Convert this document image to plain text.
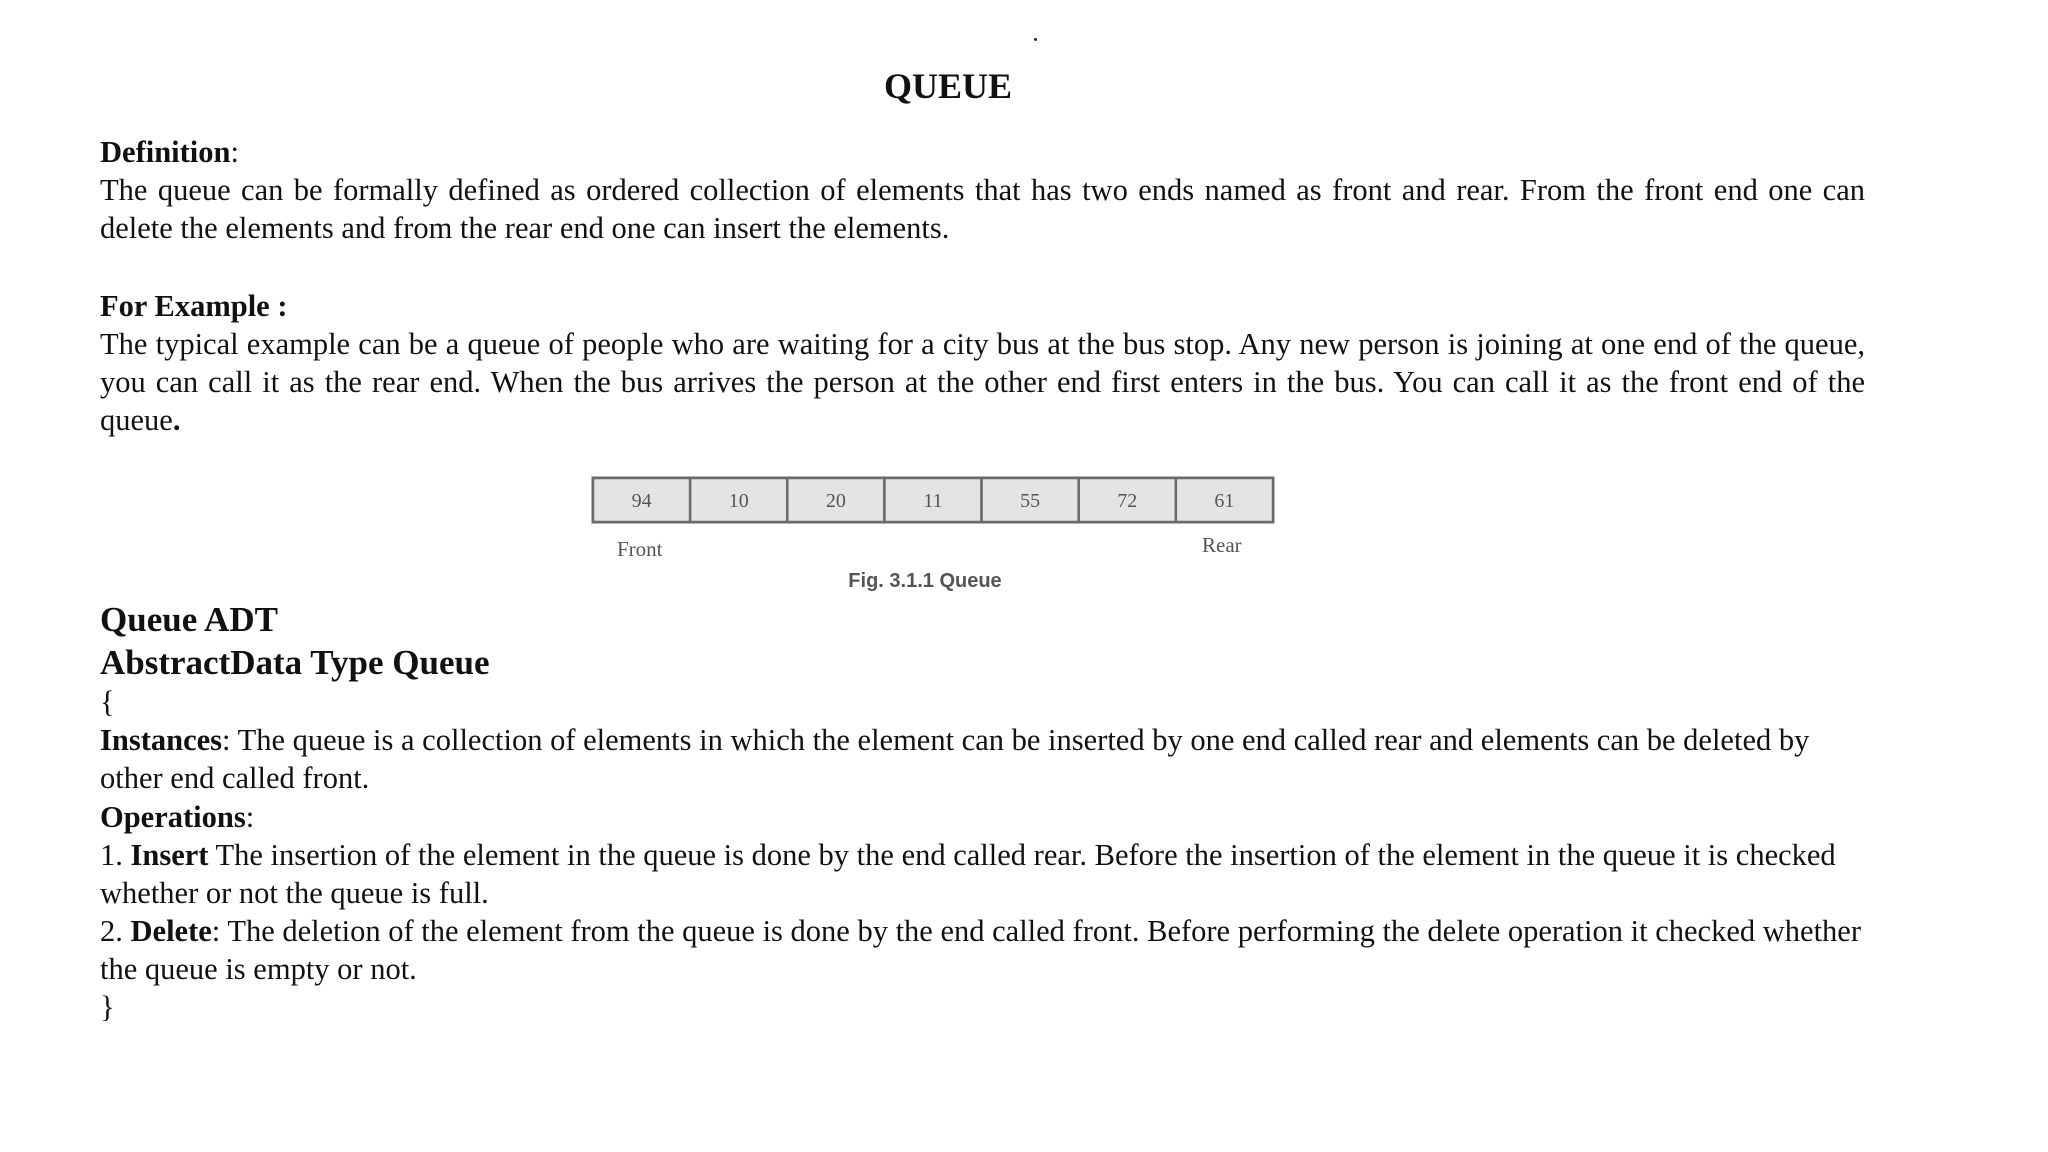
QUEUE
Definition:

The queue can be formally defined as ordered collection of elements that has two ends named as front and rear. From the front end one can delete the elements and from the rear end one can insert the elements.

For Example :

The typical example can be a queue of people who are waiting for a city bus at the bus stop. Any new person is joining at one end of the queue, you can call it as the rear end. When the bus arrives the person at the other end first enters in the bus. You can call it as the front end of the queue.

94	10	20	11	55	72	61
Front	Rear
Fig. 3.1.1 Queue
Queue ADT
AbstractData Type Queue
{

Instances: The queue is a collection of elements in which the element can be inserted by one end called rear and elements can be deleted by other end called front.

Operations:

1. Insert The insertion of the element in the queue is done by the end called rear. Before the insertion of the element in the queue it is checked whether or not the queue is full.

2. Delete: The deletion of the element from the queue is done by the end called front. Before performing the delete operation it checked whether the queue is empty or not.

}
